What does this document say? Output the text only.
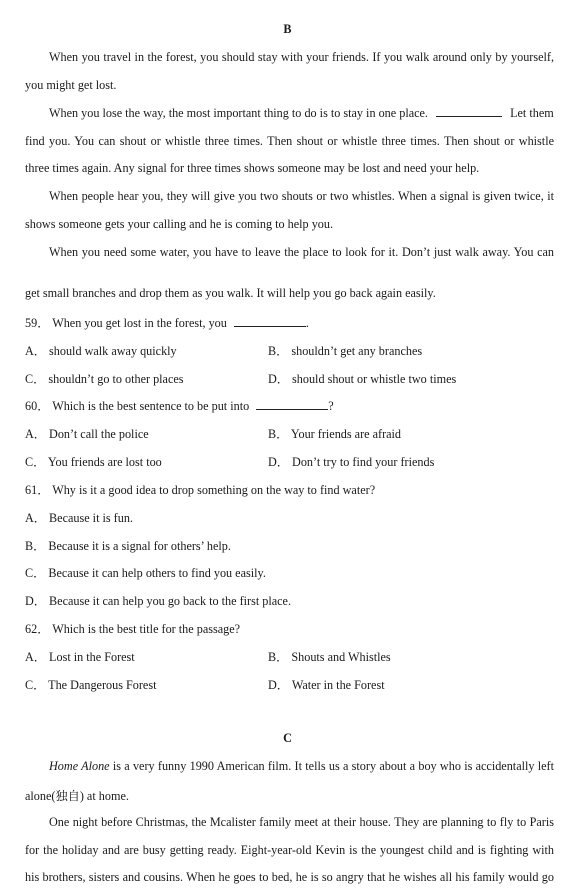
B
When you travel in the forest, you should stay with your friends. If you walk around only by yourself,
you might get lost.
When you lose the way, the most important thing to do is to stay in one place.	Let them
find you. You can shout or whistle three times. Then shout or whistle three times. Then shout or whistle
three times again. Any signal for three times shows someone may be lost and need your help.
When people hear you, they will give you two shouts or two whistles. When a signal is given twice, it
shows someone gets your calling and he is coming to help you.
When you need some water, you have to leave the place to look for it. Don’t just walk away. You can
get small branches and drop them as you walk. It will help you go back again easily.
59． When you get lost in the forest, you	.
A． should walk away quickly	B． shouldn’t get any branches
C． shouldn’t go to other places	D． should shout or whistle two times
60． Which is the best sentence to be put into	?
A． Don’t call the police	B． Your friends are afraid
C． You friends are lost too	D． Don’t try to find your friends
61． Why is it a good idea to drop something on the way to find water?
A． Because it is fun.
B． Because it is a signal for others’ help.
C． Because it can help others to find you easily.
D． Because it can help you go back to the first place.
62． Which is the best title for the passage?
A． Lost in the Forest	B． Shouts and Whistles
C． The Dangerous Forest	D． Water in the Forest
C
Home Alone is a very funny 1990 American film. It tells us a story about a boy who is accidentally left
alone(独自) at home.
One night before Christmas, the Mcalister family meet at their house. They are planning to fly to Paris
for the holiday and are busy getting ready. Eight-year-old Kevin is the youngest child and is fighting with
his brothers, sisters and cousins. When he goes to bed, he is so angry that he wishes all his family would go
